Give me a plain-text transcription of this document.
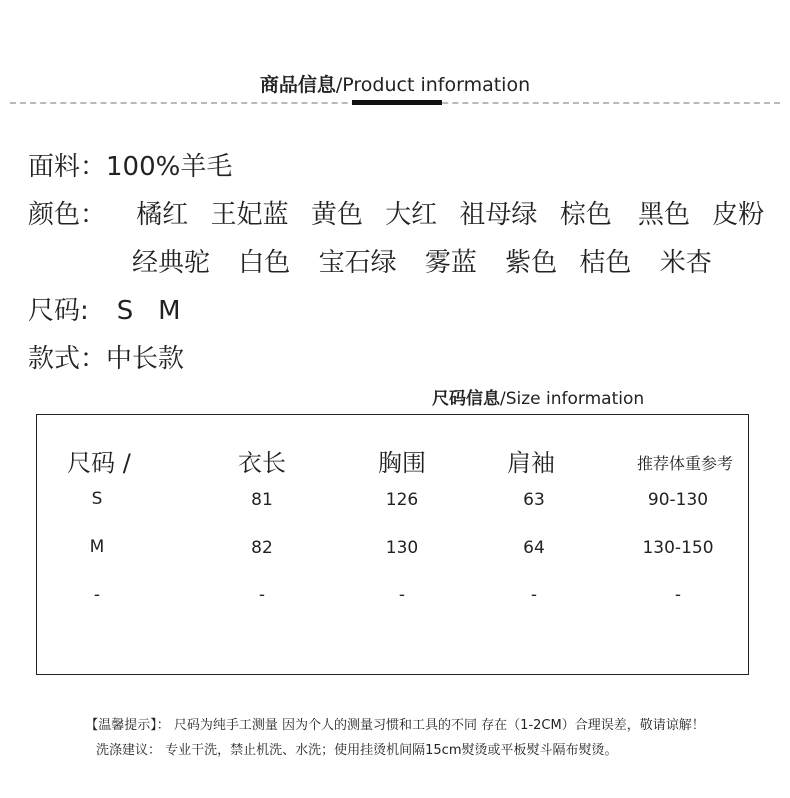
商品信息/Product information
面料：100%羊毛
颜色： 橘红 王妃蓝 黄色 大红 祖母绿 棕色 黑色 皮粉
经典驼 白色 宝石绿 雾蓝 紫色 桔色 米杏
尺码: S   M
款式：中长款
尺码信息/Size information
尺码 /	衣长	胸围	肩袖	推荐体重参考
S	81	126	63	90-130
M	82	130	64	130-150
-	-	-	-	-
【温馨提示】： 尺码为纯手工测量 因为个人的测量习惯和工具的不同 存在（1-2CM）合理误差，敬请谅解！
洗涤建议： 专业干洗，禁止机洗、水洗；使用挂烫机间隔15cm熨烫或平板熨斗隔布熨烫。
